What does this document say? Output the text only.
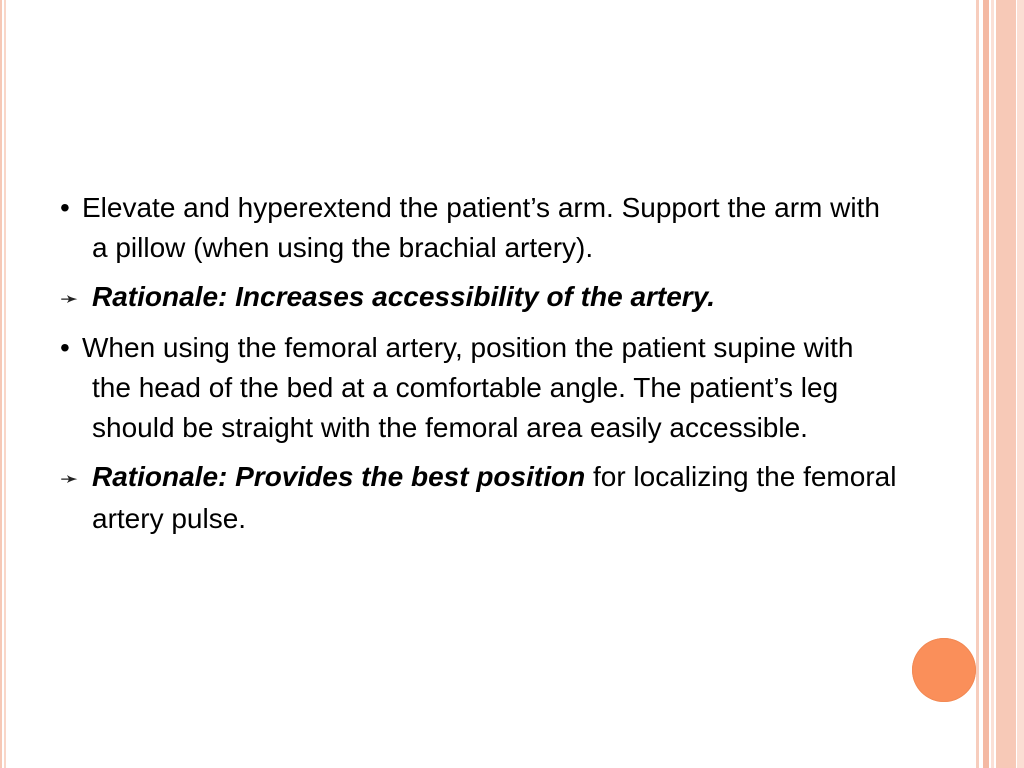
• Elevate and hyperextend the patient’s arm. Support the arm with a pillow (when using the brachial artery).

➛ Rationale: Increases accessibility of the artery.

• When using the femoral artery, position the patient supine with the head of the bed at a comfortable angle. The patient’s leg should be straight with the femoral area easily accessible.

➛ Rationale: Provides the best position for localizing the femoral artery pulse.
